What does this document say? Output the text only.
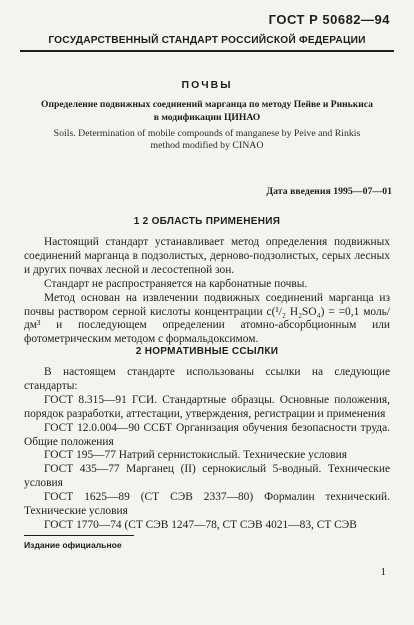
ГОСТ Р 50682—94
ГОСУДАРСТВЕННЫЙ СТАНДАРТ РОССИЙСКОЙ ФЕДЕРАЦИИ
ПОЧВЫ
Определение подвижных соединений марганца по методу Пейве и Ринькиса в модификации ЦИНАО
Soils. Determination of mobile compounds of manganese by Peive and Rinkis method modified by CINAO
Дата введения 1995—07—01
1 2 ОБЛАСТЬ ПРИМЕНЕНИЯ

Настоящий стандарт устанавливает метод определения подвижных соединений марганца в подзолистых, дерново-подзолистых, серых лесных и других почвах лесной и лесостепной зон.

Стандарт не распространяется на карбонатные почвы.

Метод основан на извлечении подвижных соединений марганца из почвы раствором серной кислоты концентрации с(¹/₂ H₂SO₄) = =0,1 моль/дм³ и последующем определении атомно-абсорбционным или фотометрическим методом с формальдоксимом.

2 НОРМАТИВНЫЕ ССЫЛКИ

В настоящем стандарте использованы ссылки на следующие стандарты:

ГОСТ 8.315—91 ГСИ. Стандартные образцы. Основные положения, порядок разработки, аттестации, утверждения, регистрации и применения

ГОСТ 12.0.004—90 ССБТ Организация обучения безопасности труда. Общие положения

ГОСТ 195—77 Натрий сернистокислый. Технические условия

ГОСТ 435—77 Марганец (II) сернокислый 5-водный. Технические условия

ГОСТ 1625—89 (СТ СЭВ 2337—80) Формалин технический. Технические условия

ГОСТ 1770—74 (СТ СЭВ 1247—78, СТ СЭВ 4021—83, СТ СЭВ

Издание официальное
1
